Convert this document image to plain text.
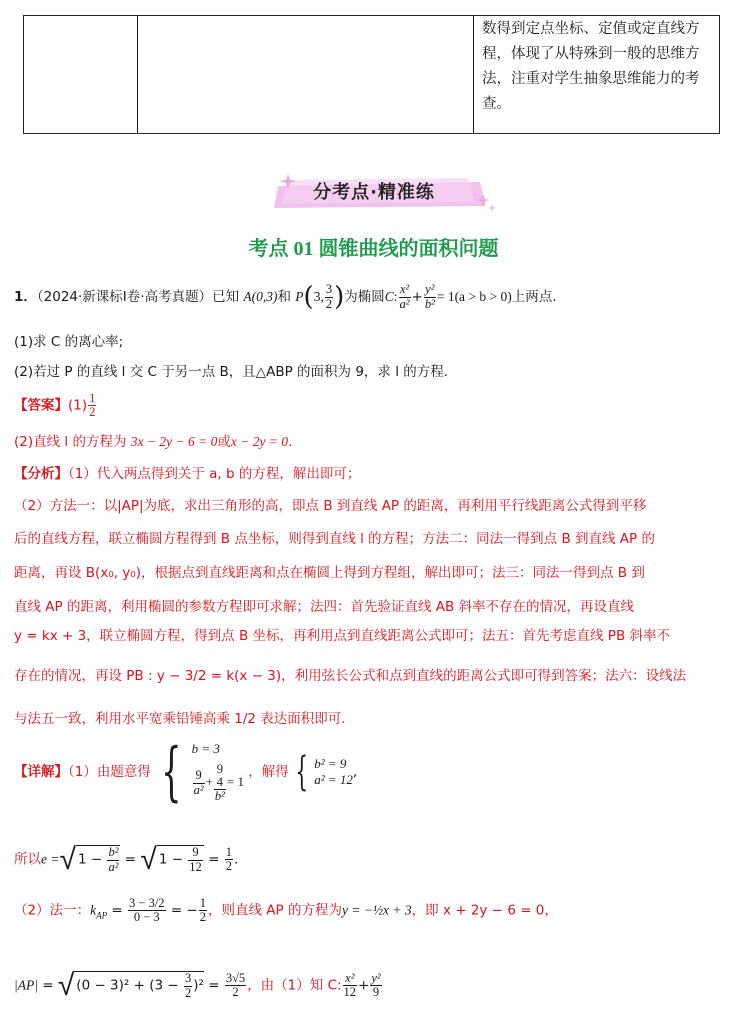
数得到定点坐标、定值或定直线方
程，体现了从特殊到一般的思维方
法，注重对学生抽象思维能力的考
查。
分考点·精准练
考点 01 圆锥曲线的面积问题
1．（2024·新课标Ⅰ卷·高考真题）已知 A(0,3)和 P(3, $\frac{3}{2}$ )为椭圆C: $\frac{\text{x²}}{\text{a²}} + \frac{\text{y²}}{\text{b²}} = 1(a > b > 0)$上两点.
(1)求 C 的离心率;
(2)若过 P 的直线 l 交 C 于另一点 B，且△ABP 的面积为 9，求 l 的方程．
【答案】$(1) \frac{1}{2}$
(2)直线 l 的方程为 3x − 2y − 6 = 0或x − 2y = 0.
【分析】（1）代入两点得到关于 a, b 的方程，解出即可；
（2）方法一：以|AP|为底，求出三角形的高，即点 B 到直线 AP 的距离，再利用平行线距离公式得到平移
后的直线方程，联立椭圆方程得到 B 点坐标，则得到直线 l 的方程；方法二：同法一得到点 B 到直线 AP 的
距离，再设 B(x₀, y₀)，根据点到直线距离和点在椭圆上得到方程组，解出即可；法三：同法一得到点 B 到
直线 AP 的距离，利用椭圆的参数方程即可求解；法四：首先验证直线 AB 斜率不存在的情况，再设直线
y = kx + 3，联立椭圆方程，得到点 B 坐标，再利用点到直线距离公式即可；法五：首先考虑直线 PB 斜率不
存在的情况，再设 PB : y − 3/2 = k(x − 3)，利用弦长公式和点到直线的距离公式即可得到答案；法六：设线法
与法五一致，利用水平宽乘铅锤高乘 1/2 表达面积即可.
【详解】（1）由题意得 { b = 3
$\frac{9}{\text{a²}}$ +
9
4
b²
= 1
，解得 { b² = 9
a² = 12 ,
所以e =√ $1 - \frac{\text{b²}}{\text{a²}}$ = √ $1 - \frac{9}{12} = \frac{1}{2}$ .
（2）法一：$k_{AP} = \frac{3 - 3/2}{0 - 3}$ = − $\frac{1}{2}$ ，则直线 AP 的方程为y = −½x + 3，即 x + 2y − 6 = 0，
|AP| = √ $(0 - 3)^2 + (3 - \frac{3}{2} )^2 = \frac{3√5}{2}$ ，由（1）知 C: $\frac{\text{x²}}{12} + \frac{\text{y²}}{9}$
